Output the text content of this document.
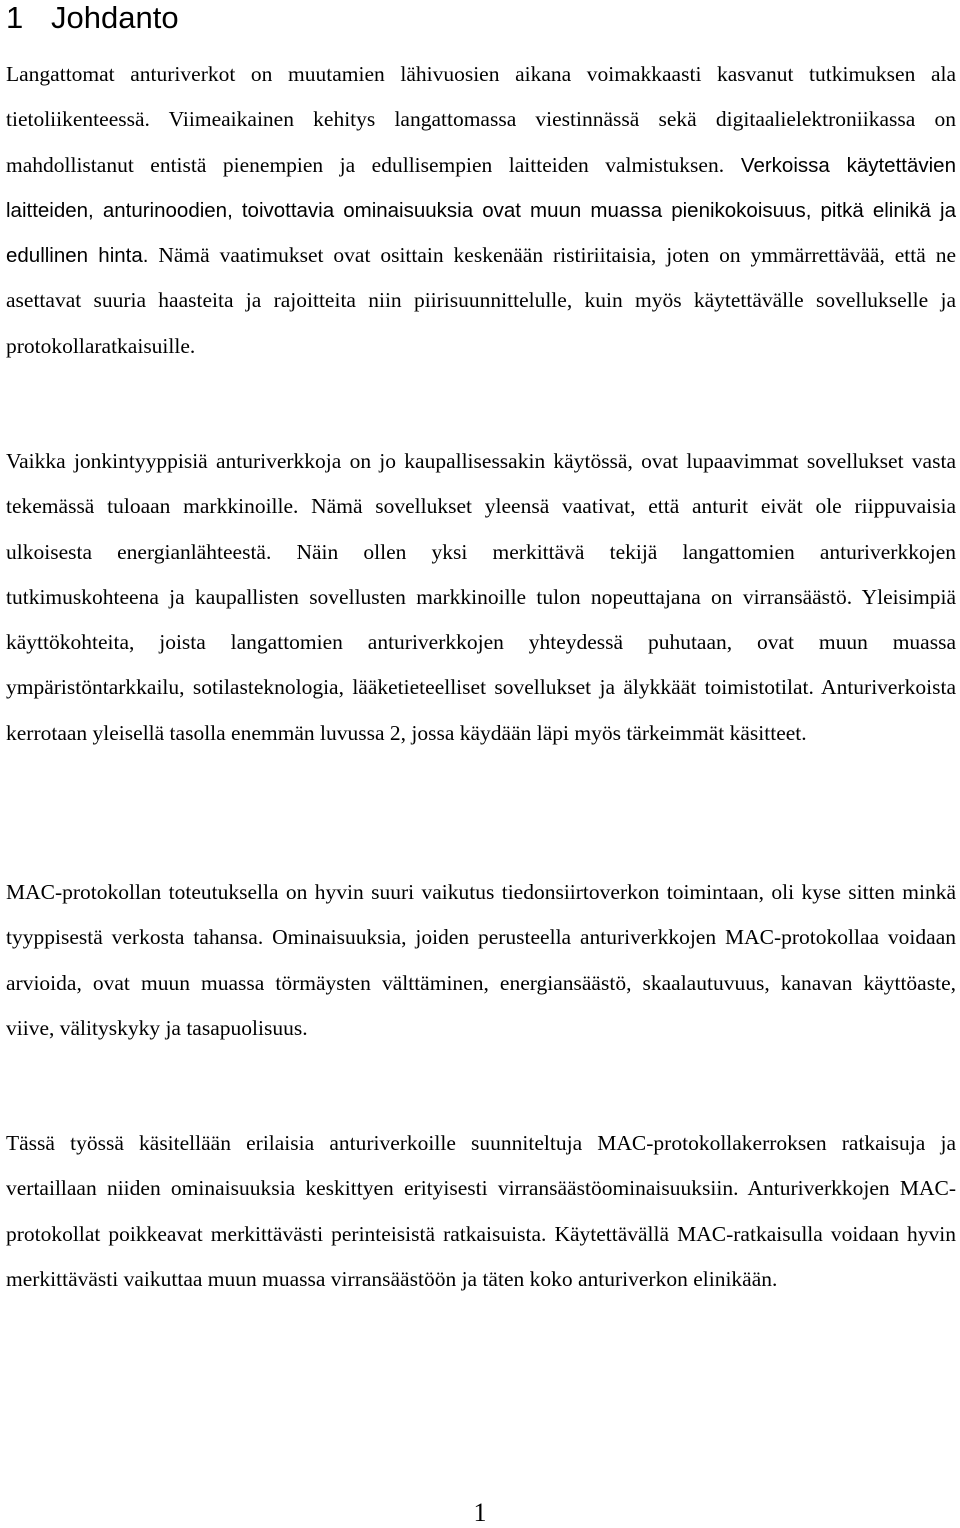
1 Johdanto

Langattomat anturiverkot on muutamien lähivuosien aikana voimakkaasti kasvanut tutkimuksen ala tietoliikenteessä. Viimeaikainen kehitys langattomassa viestinnässä sekä digitaalielektroniikassa on mahdollistanut entistä pienempien ja edullisempien laitteiden valmistuksen. Verkoissa käytettävien laitteiden, anturinoodien, toivottavia ominaisuuksia ovat muun muassa pienikokoisuus, pitkä elinikä ja edullinen hinta. Nämä vaatimukset ovat osittain keskenään ristiriitaisia, joten on ymmärrettävää, että ne asettavat suuria haasteita ja rajoitteita niin piirisuunnittelulle, kuin myös käytettävälle sovellukselle ja protokollaratkaisuille.

Vaikka jonkintyyppisiä anturiverkkoja on jo kaupallisessakin käytössä, ovat lupaavimmat sovellukset vasta tekemässä tuloaan markkinoille. Nämä sovellukset yleensä vaativat, että anturit eivät ole riippuvaisia ulkoisesta energianlähteestä. Näin ollen yksi merkittävä tekijä langattomien anturiverkkojen tutkimuskohteena ja kaupallisten sovellusten markkinoille tulon nopeuttajana on virransäästö. Yleisimpiä käyttökohteita, joista langattomien anturiverkkojen yhteydessä puhutaan, ovat muun muassa ympäristöntarkkailu, sotilasteknologia, lääketieteelliset sovellukset ja älykkäät toimistotilat. Anturiverkoista kerrotaan yleisellä tasolla enemmän luvussa 2, jossa käydään läpi myös tärkeimmät käsitteet.

MAC-protokollan toteutuksella on hyvin suuri vaikutus tiedonsiirtoverkon toimintaan, oli kyse sitten minkä tyyppisestä verkosta tahansa. Ominaisuuksia, joiden perusteella anturiverkkojen MAC-protokollaa voidaan arvioida, ovat muun muassa törmäysten välttäminen, energiansäästö, skaalautuvuus, kanavan käyttöaste, viive, välityskyky ja tasapuolisuus.

Tässä työssä käsitellään erilaisia anturiverkoille suunniteltuja MAC-protokollakerroksen ratkaisuja ja vertaillaan niiden ominaisuuksia keskittyen erityisesti virransäästöominaisuuksiin. Anturiverkkojen MAC-protokollat poikkeavat merkittävästi perinteisistä ratkaisuista. Käytettävällä MAC-ratkaisulla voidaan hyvin merkittävästi vaikuttaa muun muassa virransäästöön ja täten koko anturiverkon elinikään.

1
